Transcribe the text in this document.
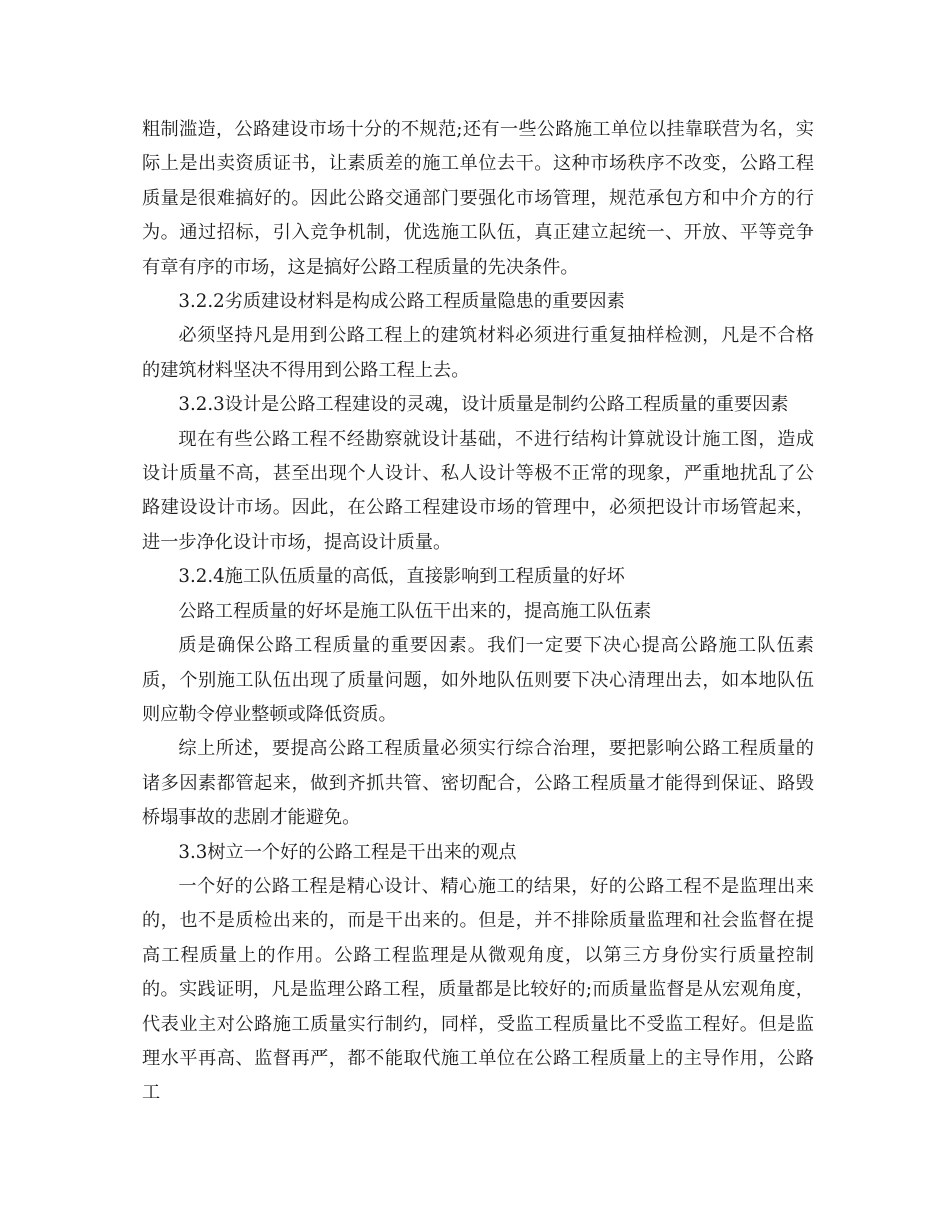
粗制滥造，公路建设市场十分的不规范;还有一些公路施工单位以挂靠联营为名，实际上是出卖资质证书，让素质差的施工单位去干。这种市场秩序不改变，公路工程质量是很难搞好的。因此公路交通部门要强化市场管理，规范承包方和中介方的行为。通过招标，引入竞争机制，优选施工队伍，真正建立起统一、开放、平等竞争有章有序的市场，这是搞好公路工程质量的先决条件。

3.2.2劣质建设材料是构成公路工程质量隐患的重要因素

必须坚持凡是用到公路工程上的建筑材料必须进行重复抽样检测，凡是不合格的建筑材料坚决不得用到公路工程上去。

3.2.3设计是公路工程建设的灵魂，设计质量是制约公路工程质量的重要因素

现在有些公路工程不经勘察就设计基础，不进行结构计算就设计施工图，造成设计质量不高，甚至出现个人设计、私人设计等极不正常的现象，严重地扰乱了公路建设设计市场。因此，在公路工程建设市场的管理中，必须把设计市场管起来，进一步净化设计市场，提高设计质量。

3.2.4施工队伍质量的高低，直接影响到工程质量的好坏

公路工程质量的好坏是施工队伍干出来的，提高施工队伍素

质是确保公路工程质量的重要因素。我们一定要下决心提高公路施工队伍素质，个别施工队伍出现了质量问题，如外地队伍则要下决心清理出去，如本地队伍则应勒令停业整顿或降低资质。

综上所述，要提高公路工程质量必须实行综合治理，要把影响公路工程质量的诸多因素都管起来，做到齐抓共管、密切配合，公路工程质量才能得到保证、路毁桥塌事故的悲剧才能避免。

3.3树立一个好的公路工程是干出来的观点

一个好的公路工程是精心设计、精心施工的结果，好的公路工程不是监理出来的，也不是质检出来的，而是干出来的。但是，并不排除质量监理和社会监督在提高工程质量上的作用。公路工程监理是从微观角度，以第三方身份实行质量控制的。实践证明，凡是监理公路工程，质量都是比较好的;而质量监督是从宏观角度，代表业主对公路施工质量实行制约，同样，受监工程质量比不受监工程好。但是监理水平再高、监督再严，都不能取代施工单位在公路工程质量上的主导作用，公路工
